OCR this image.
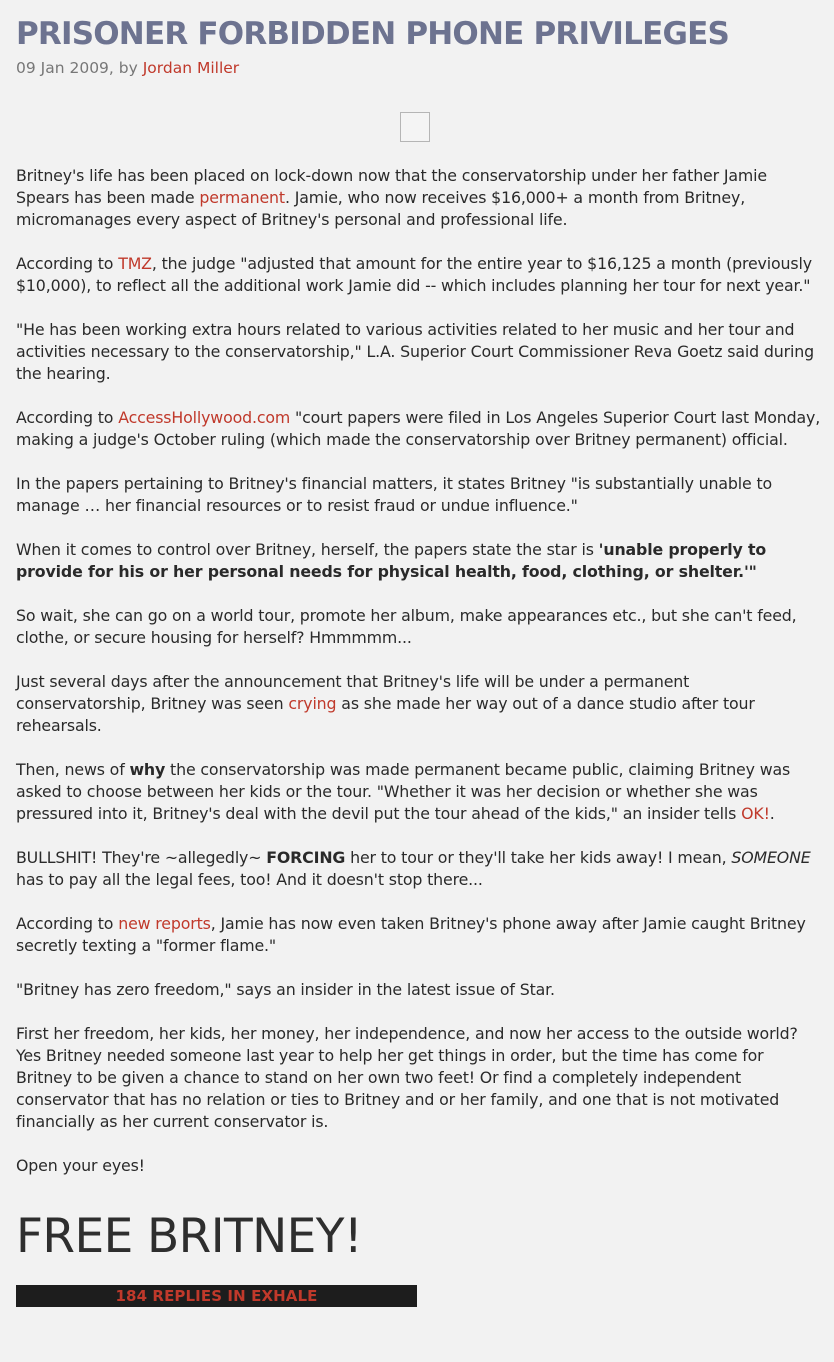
PRISONER FORBIDDEN PHONE PRIVILEGES
09 Jan 2009, by Jordan Miller

Britney's life has been placed on lock-down now that the conservatorship under her father Jamie Spears has been made permanent. Jamie, who now receives $16,000+ a month from Britney, micromanages every aspect of Britney's personal and professional life.

According to TMZ, the judge "adjusted that amount for the entire year to $16,125 a month (previously $10,000), to reflect all the additional work Jamie did -- which includes planning her tour for next year."

"He has been working extra hours related to various activities related to her music and her tour and activities necessary to the conservatorship," L.A. Superior Court Commissioner Reva Goetz said during the hearing.

According to AccessHollywood.com "court papers were filed in Los Angeles Superior Court last Monday, making a judge's October ruling (which made the conservatorship over Britney permanent) official.

In the papers pertaining to Britney's financial matters, it states Britney "is substantially unable to manage … her financial resources or to resist fraud or undue influence."

When it comes to control over Britney, herself, the papers state the star is 'unable properly to provide for his or her personal needs for physical health, food, clothing, or shelter.'"

So wait, she can go on a world tour, promote her album, make appearances etc., but she can't feed, clothe, or secure housing for herself? Hmmmmm...

Just several days after the announcement that Britney's life will be under a permanent conservatorship, Britney was seen crying as she made her way out of a dance studio after tour rehearsals.

Then, news of why the conservatorship was made permanent became public, claiming Britney was asked to choose between her kids or the tour. "Whether it was her decision or whether she was pressured into it, Britney's deal with the devil put the tour ahead of the kids," an insider tells OK!.

BULLSHIT! They're ~allegedly~ FORCING her to tour or they'll take her kids away! I mean, SOMEONE has to pay all the legal fees, too! And it doesn't stop there...

According to new reports, Jamie has now even taken Britney's phone away after Jamie caught Britney secretly texting a "former flame."

"Britney has zero freedom," says an insider in the latest issue of Star.

First her freedom, her kids, her money, her independence, and now her access to the outside world? Yes Britney needed someone last year to help her get things in order, but the time has come for Britney to be given a chance to stand on her own two feet! Or find a completely independent conservator that has no relation or ties to Britney and or her family, and one that is not motivated financially as her current conservator is.

Open your eyes!

FREE BRITNEY!
184 REPLIES IN EXHALE
